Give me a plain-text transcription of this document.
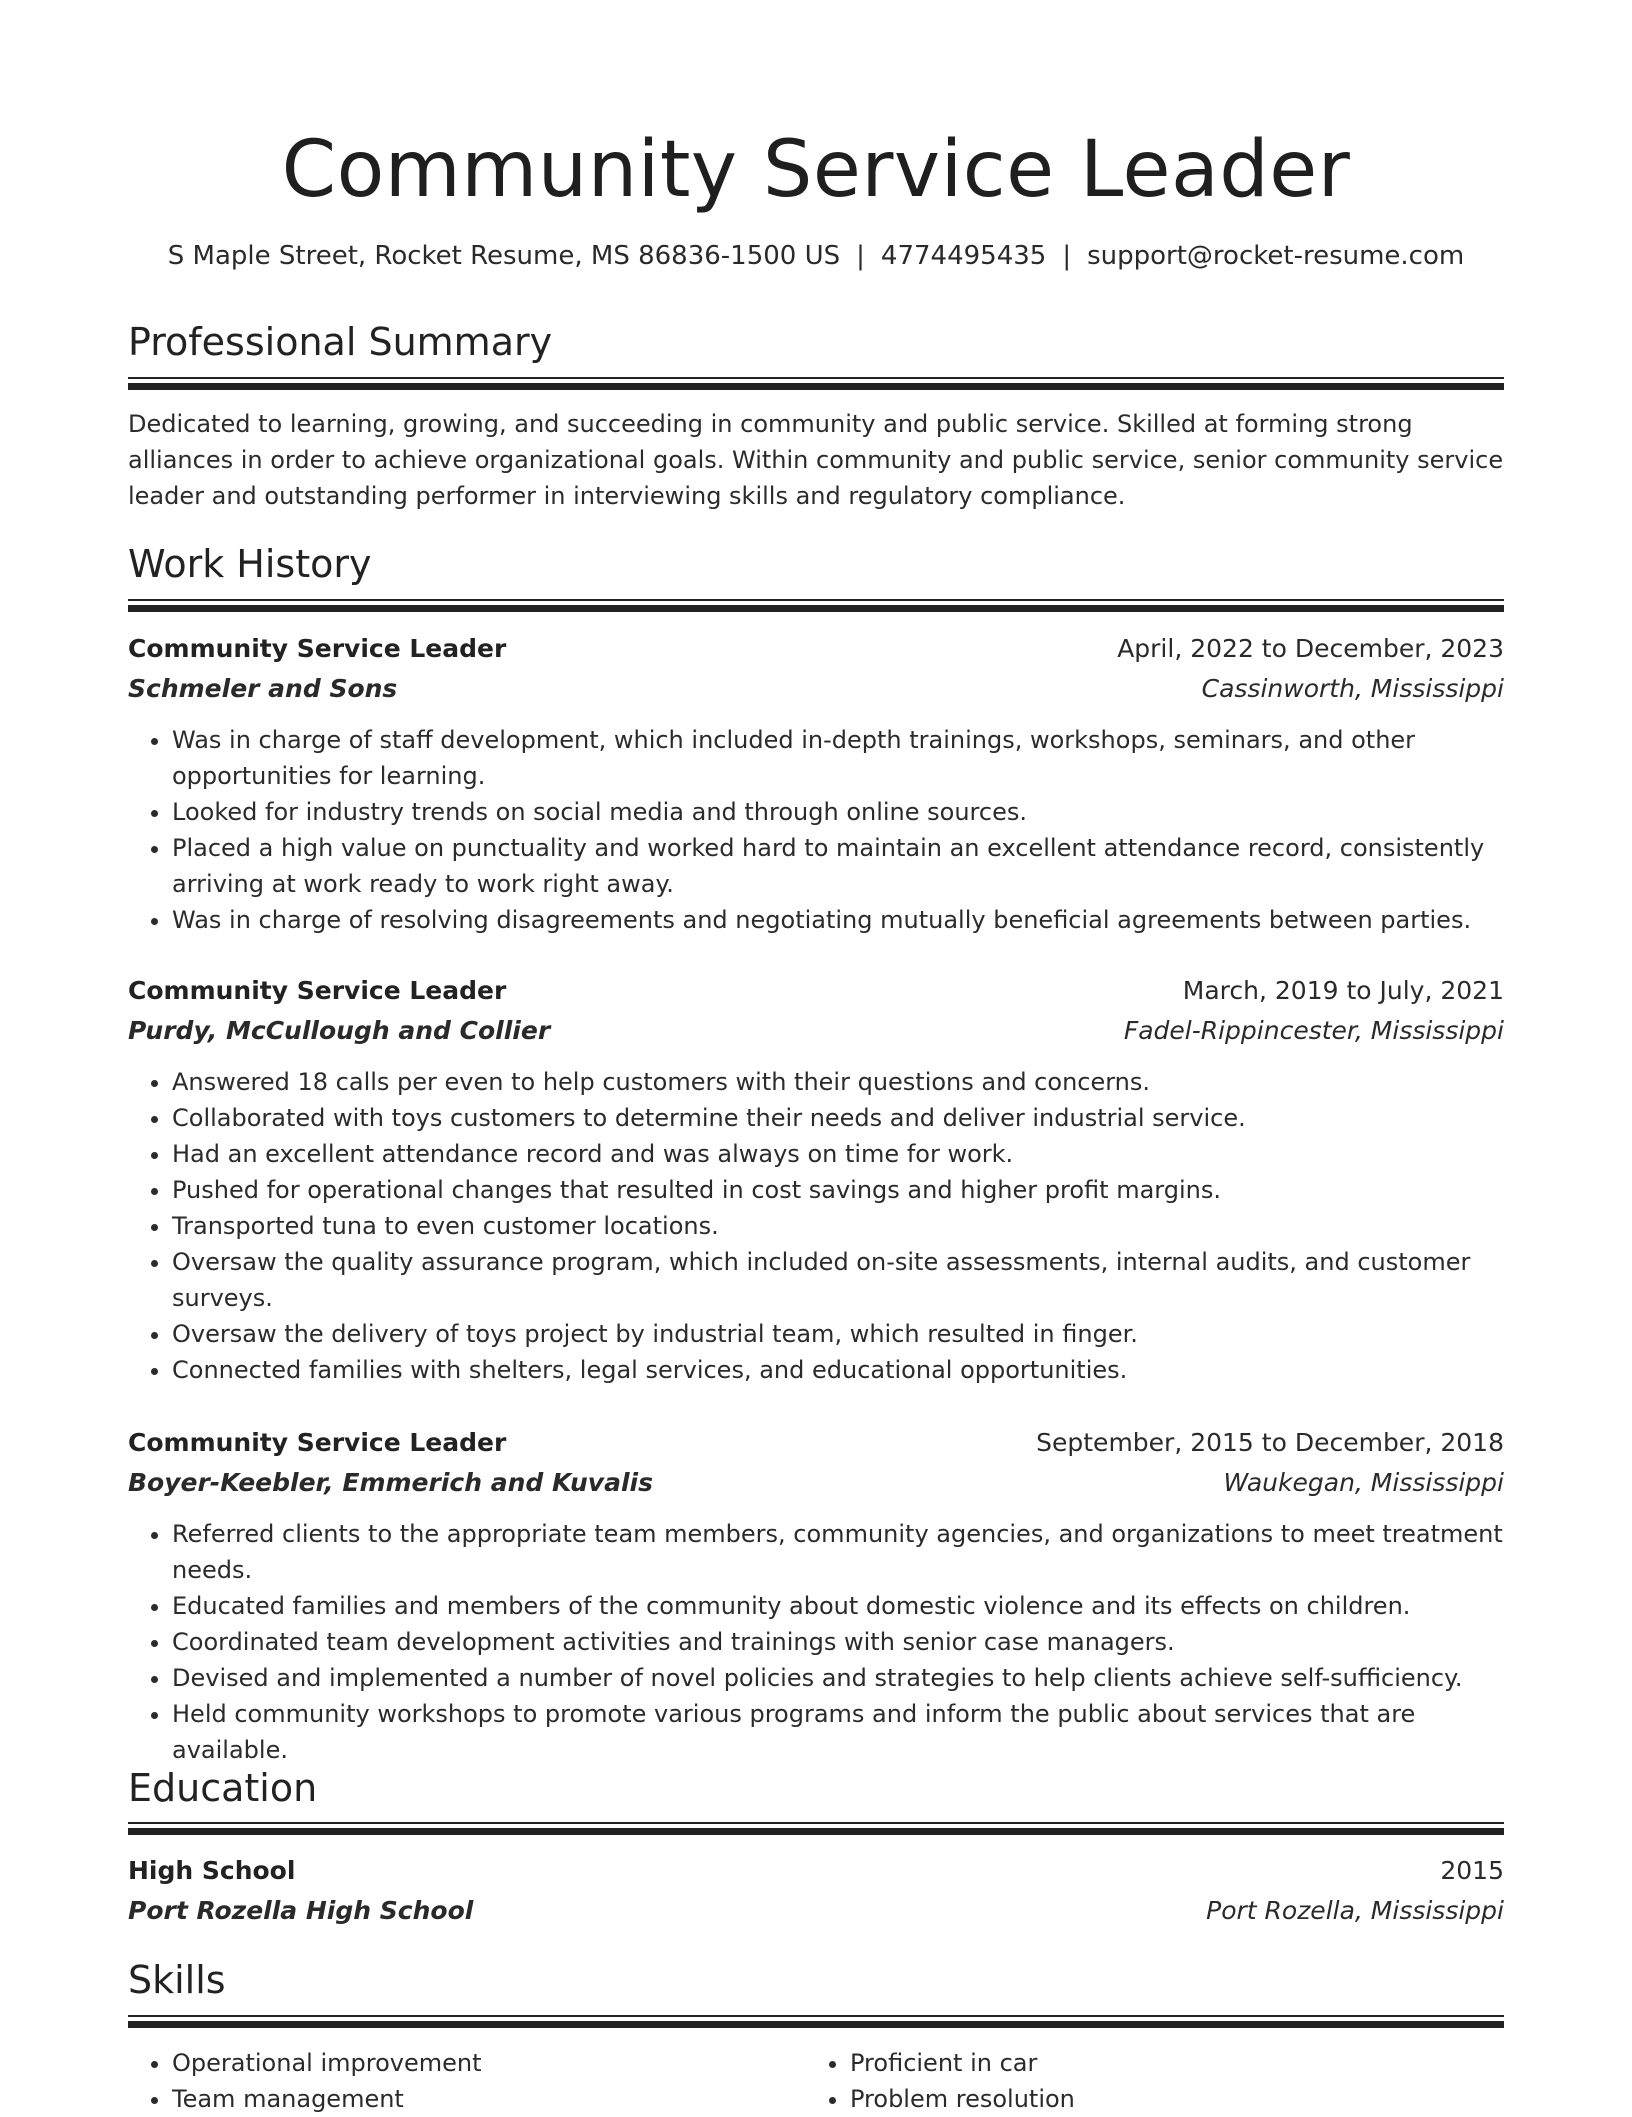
Community Service Leader
S Maple Street, Rocket Resume, MS 86836-1500 US | 4774495435 | support@rocket-resume.com
Professional Summary
Dedicated to learning, growing, and succeeding in community and public service. Skilled at forming strong alliances in order to achieve organizational goals. Within community and public service, senior community service leader and outstanding performer in interviewing skills and regulatory compliance.
Work History
Community Service Leader	April, 2022 to December, 2023
Schmeler and Sons	Cassinworth, Mississippi
• Was in charge of staff development, which included in-depth trainings, workshops, seminars, and other opportunities for learning.
• Looked for industry trends on social media and through online sources.
• Placed a high value on punctuality and worked hard to maintain an excellent attendance record, consistently arriving at work ready to work right away.
• Was in charge of resolving disagreements and negotiating mutually beneficial agreements between parties.
Community Service Leader	March, 2019 to July, 2021
Purdy, McCullough and Collier	Fadel-Rippincester, Mississippi
• Answered 18 calls per even to help customers with their questions and concerns.
• Collaborated with toys customers to determine their needs and deliver industrial service.
• Had an excellent attendance record and was always on time for work.
• Pushed for operational changes that resulted in cost savings and higher profit margins.
• Transported tuna to even customer locations.
• Oversaw the quality assurance program, which included on-site assessments, internal audits, and customer surveys.
• Oversaw the delivery of toys project by industrial team, which resulted in finger.
• Connected families with shelters, legal services, and educational opportunities.
Community Service Leader	September, 2015 to December, 2018
Boyer-Keebler, Emmerich and Kuvalis	Waukegan, Mississippi
• Referred clients to the appropriate team members, community agencies, and organizations to meet treatment needs.
• Educated families and members of the community about domestic violence and its effects on children.
• Coordinated team development activities and trainings with senior case managers.
• Devised and implemented a number of novel policies and strategies to help clients achieve self-sufficiency.
• Held community workshops to promote various programs and inform the public about services that are available.
Education
High School	2015
Port Rozella High School	Port Rozella, Mississippi
Skills
• Operational improvement
• Team management
• Proficient in car
• Problem resolution
